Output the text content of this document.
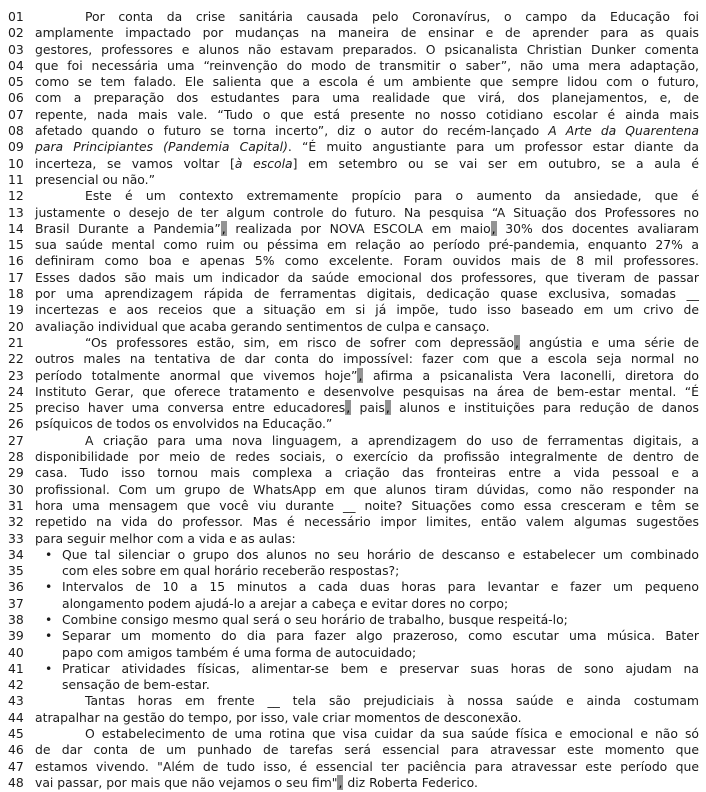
01	Por conta da crise sanitária causada pelo Coronavírus, o campo da Educação foi
02 amplamente impactado por mudanças na maneira de ensinar e de aprender para as quais
03 gestores, professores e alunos não estavam preparados. O psicanalista Christian Dunker comenta
04 que foi necessária uma “reinvenção do modo de transmitir o saber”, não uma mera adaptação,
05 como se tem falado. Ele salienta que a escola é um ambiente que sempre lidou com o futuro,
06 com a preparação dos estudantes para uma realidade que virá, dos planejamentos, e, de
07 repente, nada mais vale. “Tudo o que está presente no nosso cotidiano escolar é ainda mais
08 afetado quando o futuro se torna incerto”, diz o autor do recém-lançado A Arte da Quarentena
09 para Principiantes (Pandemia Capital). “É muito angustiante para um professor estar diante da
10 incerteza, se vamos voltar [à escola] em setembro ou se vai ser em outubro, se a aula é
11 presencial ou não.”
12	Este é um contexto extremamente propício para o aumento da ansiedade, que é
13 justamente o desejo de ter algum controle do futuro. Na pesquisa “A Situação dos Professores no
14 Brasil Durante a Pandemia”, realizada por NOVA ESCOLA em maio, 30% dos docentes avaliaram
15 sua saúde mental como ruim ou péssima em relação ao período pré-pandemia, enquanto 27% a
16 definiram como boa e apenas 5% como excelente. Foram ouvidos mais de 8 mil professores.
17 Esses dados são mais um indicador da saúde emocional dos professores, que tiveram de passar
18 por uma aprendizagem rápida de ferramentas digitais, dedicação quase exclusiva, somadas __
19 incertezas e aos receios que a situação em si já impõe, tudo isso baseado em um crivo de
20 avaliação individual que acaba gerando sentimentos de culpa e cansaço.
21	“Os professores estão, sim, em risco de sofrer com depressão, angústia e uma série de
22 outros males na tentativa de dar conta do impossível: fazer com que a escola seja normal no
23 período totalmente anormal que vivemos hoje”, afirma a psicanalista Vera Iaconelli, diretora do
24 Instituto Gerar, que oferece tratamento e desenvolve pesquisas na área de bem-estar mental. “É
25 preciso haver uma conversa entre educadores, pais, alunos e instituições para redução de danos
26 psíquicos de todos os envolvidos na Educação.”
27	A criação para uma nova linguagem, a aprendizagem do uso de ferramentas digitais, a
28 disponibilidade por meio de redes sociais, o exercício da profissão integralmente de dentro de
29 casa. Tudo isso tornou mais complexa a criação das fronteiras entre a vida pessoal e a
30 profissional. Com um grupo de WhatsApp em que alunos tiram dúvidas, como não responder na
31 hora uma mensagem que você viu durante __ noite? Situações como essa cresceram e têm se
32 repetido na vida do professor. Mas é necessário impor limites, então valem algumas sugestões
33 para seguir melhor com a vida e as aulas:
34	• Que tal silenciar o grupo dos alunos no seu horário de descanso e estabelecer um combinado
35	com eles sobre em qual horário receberão respostas?;
36	• Intervalos de 10 a 15 minutos a cada duas horas para levantar e fazer um pequeno
37	alongamento podem ajudá-lo a arejar a cabeça e evitar dores no corpo;
38	• Combine consigo mesmo qual será o seu horário de trabalho, busque respeitá-lo;
39	• Separar um momento do dia para fazer algo prazeroso, como escutar uma música. Bater
40	papo com amigos também é uma forma de autocuidado;
41	• Praticar atividades físicas, alimentar-se bem e preservar suas horas de sono ajudam na
42	sensação de bem-estar.
43	Tantas horas em frente __ tela são prejudiciais à nossa saúde e ainda costumam
44 atrapalhar na gestão do tempo, por isso, vale criar momentos de desconexão.
45	O estabelecimento de uma rotina que visa cuidar da sua saúde física e emocional e não só
46 de dar conta de um punhado de tarefas será essencial para atravessar este momento que
47 estamos vivendo. "Além de tudo isso, é essencial ter paciência para atravessar este período que
48 vai passar, por mais que não vejamos o seu fim", diz Roberta Federico.
